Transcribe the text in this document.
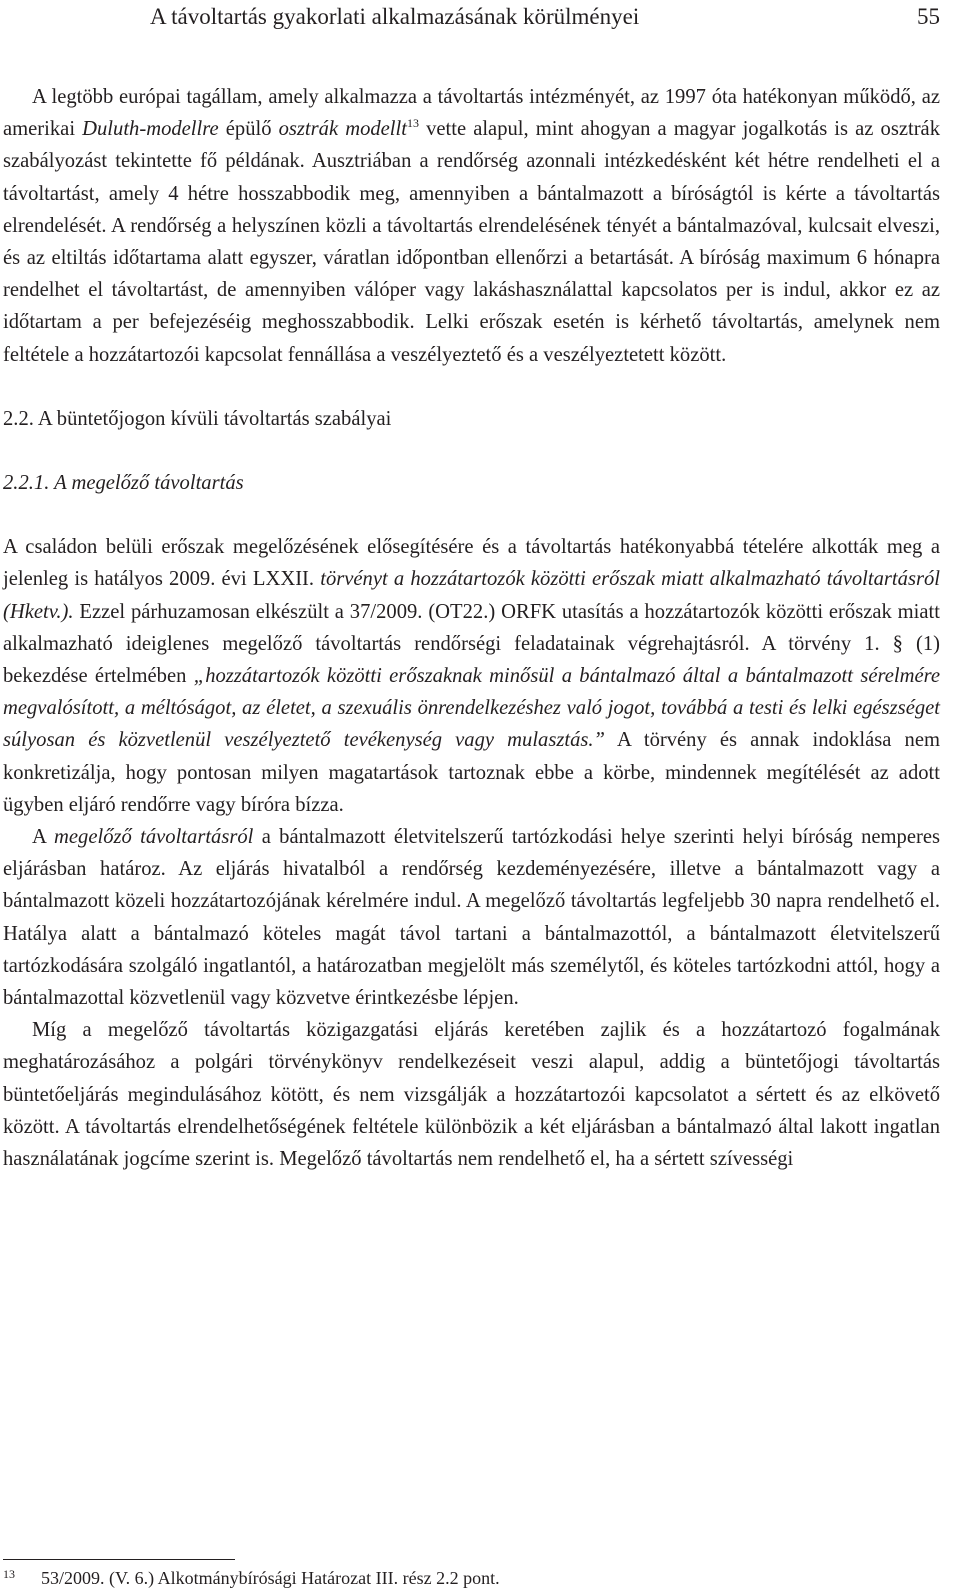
A távoltartás gyakorlati alkalmazásának körülményei	55

A legtöbb európai tagállam, amely alkalmazza a távoltartás intézményét, az 1997 óta hatékonyan működő, az amerikai Duluth-modellre épülő osztrák modellt$^{13}$ vette alapul, mint ahogyan a magyar jogalkotás is az osztrák szabályozást tekintette fő példának. Ausztriában a rendőrség azonnali intézkedésként két hétre rendelheti el a távoltartást, amely 4 hétre hosszabbodik meg, amennyiben a bántalmazott a bíróságtól is kérte a távoltartás elrendelését. A rendőrség a helyszínen közli a távoltartás elrendelésének tényét a bántalmazóval, kulcsait elveszi, és az eltiltás időtartama alatt egyszer, váratlan időpontban ellenőrzi a betartását. A bíróság maximum 6 hónapra rendelhet el távoltartást, de amennyiben válóper vagy lakáshasználattal kapcsolatos per is indul, akkor ez az időtartam a per befejezéséig meghosszabbodik. Lelki erőszak esetén is kérhető távoltartás, amelynek nem feltétele a hozzátartozói kapcsolat fennállása a veszélyeztető és a veszélyeztetett között.

2.2. A büntetőjogon kívüli távoltartás szabályai

2.2.1. A megelőző távoltartás

A családon belüli erőszak megelőzésének elősegítésére és a távoltartás hatékonyabbá tételére alkották meg a jelenleg is hatályos 2009. évi LXXII. törvényt a hozzátartozók közötti erőszak miatt alkalmazható távoltartásról (Hketv.). Ezzel párhuzamosan elkészült a 37/2009. (OT22.) ORFK utasítás a hozzátartozók közötti erőszak miatt alkalmazható ideiglenes megelőző távoltartás rendőrségi feladatainak végrehajtásról. A törvény 1. § (1) bekezdése értelmében „hozzátartozók közötti erőszaknak minősül a bántalmazó által a bántalmazott sérelmére megvalósított, a méltóságot, az életet, a szexuális önrendelkezéshez való jogot, továbbá a testi és lelki egészséget súlyosan és közvetlenül veszélyeztető tevékenység vagy mulasztás.” A törvény és annak indoklása nem konkretizálja, hogy pontosan milyen magatartások tartoznak ebbe a körbe, mindennek megítélését az adott ügyben eljáró rendőrre vagy bíróra bízza.

A megelőző távoltartásról a bántalmazott életvitelszerű tartózkodási helye szerinti helyi bíróság nemperes eljárásban határoz. Az eljárás hivatalból a rendőrség kezdeményezésére, illetve a bántalmazott vagy a bántalmazott közeli hozzátartozójának kérelmére indul. A megelőző távoltartás legfeljebb 30 napra rendelhető el. Hatálya alatt a bántalmazó köteles magát távol tartani a bántalmazottól, a bántalmazott életvitelszerű tartózkodására szolgáló ingatlantól, a határozatban megjelölt más személytől, és köteles tartózkodni attól, hogy a bántalmazottal közvetlenül vagy közvetve érintkezésbe lépjen.

Míg a megelőző távoltartás közigazgatási eljárás keretében zajlik és a hozzátartozó fogalmának meghatározásához a polgári törvénykönyv rendelkezéseit veszi alapul, addig a büntetőjogi távoltartás büntetőeljárás megindulásához kötött, és nem vizsgálják a hozzátartozói kapcsolatot a sértett és az elkövető között. A távoltartás elrendelhetőségének feltétele különbözik a két eljárásban a bántalmazó által lakott ingatlan használatának jogcíme szerint is. Megelőző távoltartás nem rendelhető el, ha a sértett szívességi

13 53/2009. (V. 6.) Alkotmánybírósági Határozat III. rész 2.2 pont.
